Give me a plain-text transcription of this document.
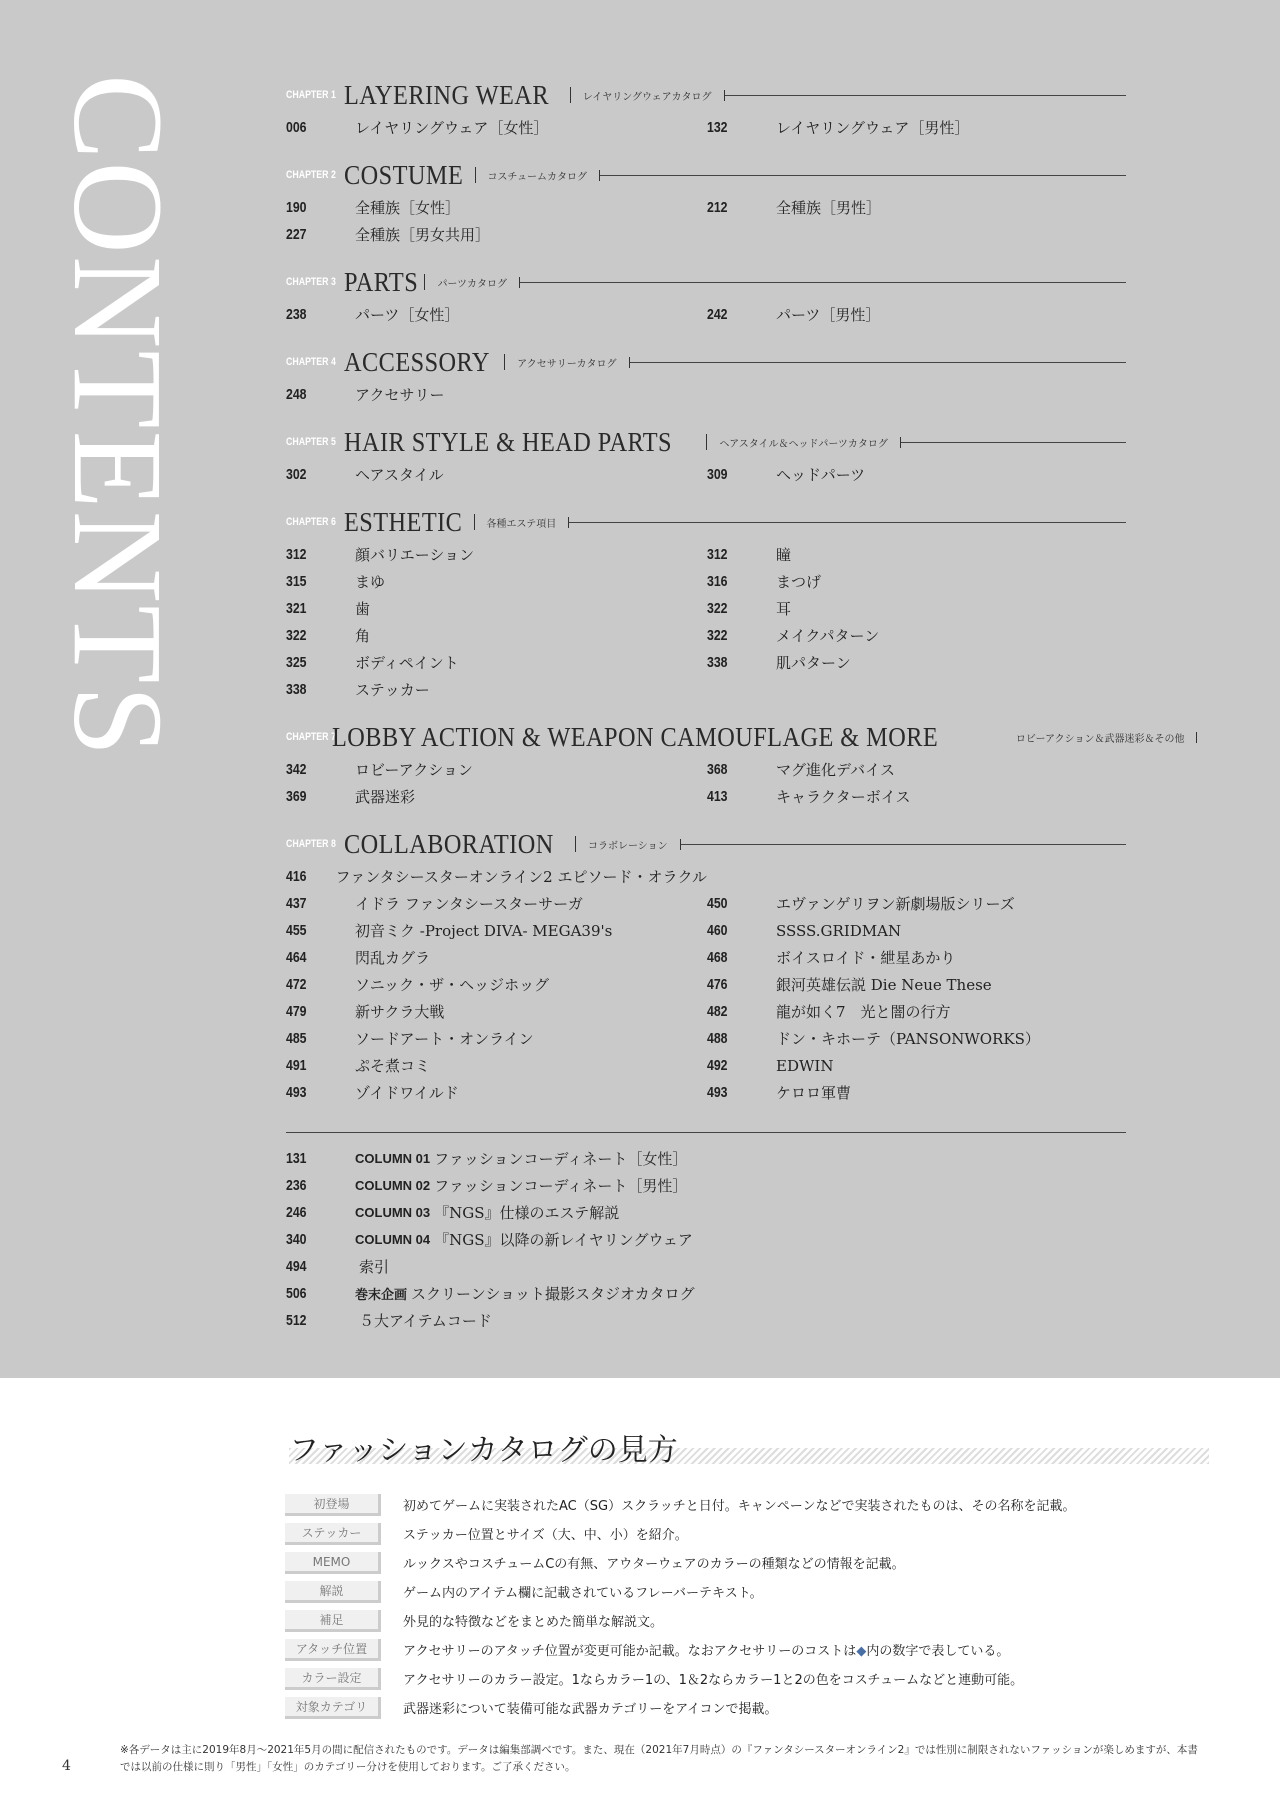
CONTENTS	CHAPTER 1 LAYERING WEAR	レイヤリングウェアカタログ
006	レイヤリングウェア［女性］	132	レイヤリングウェア［男性］
CHAPTER 2 COSTUME コスチュームカタログ
190	全種族［女性］	212	全種族［男性］
227	全種族［男女共用］
CHAPTER 3 PARTS パーツカタログ
238	パーツ［女性］	242	パーツ［男性］
CHAPTER 4 ACCESSORY	アクセサリーカタログ
248	アクセサリー
CHAPTER 5 HAIR STYLE & HEAD PARTS	ヘアスタイル＆ヘッドパーツカタログ
302	ヘアスタイル	309	ヘッドパーツ
CHAPTER 6 ESTHETIC 各種エステ項目
312	顔バリエーション	312	瞳
315	まゆ	316	まつげ
321	歯	322	耳
322	角	322	メイクパターン
325	ボディペイント	338	肌パターン
338	ステッカー
CHAPTER 7
LOBBY ACTION & WEAPON CAMOUFLAGE & MORE	ロビーアクション＆武器迷彩＆その他
342	ロビーアクション	368	マグ進化デバイス
369	武器迷彩	413	キャラクターボイス
CHAPTER 8 COLLABORATION	コラボレーション
416	ファンタシースターオンライン2 エピソード・オラクル
437	イドラ ファンタシースターサーガ	450	エヴァンゲリヲン新劇場版シリーズ
455	初音ミク -Project DIVA- MEGA39's	460	SSSS.GRIDMAN
464	閃乱カグラ	468	ボイスロイド・紲星あかり
472	ソニック・ザ・ヘッジホッグ	476	銀河英雄伝説 Die Neue These
479	新サクラ大戦	482	龍が如く7　光と闇の行方
485	ソードアート・オンライン	488	ドン・キホーテ（PANSONWORKS）
491	ぷそ煮コミ	492	EDWIN
493	ゾイドワイルド	493	ケロロ軍曹
131	COLUMN 01 ファッションコーディネート［女性］
236	COLUMN 02 ファッションコーディネート［男性］
246	COLUMN 03 『NGS』仕様のエステ解説
340	COLUMN 04 『NGS』以降の新レイヤリングウェア
494	索引
506	巻末企画 スクリーンショット撮影スタジオカタログ
512	５大アイテムコード
ファッションカタログの見方
初登場	初めてゲームに実装されたAC（SG）スクラッチと日付。キャンペーンなどで実装されたものは、その名称を記載。
ステッカー	ステッカー位置とサイズ（大、中、小）を紹介。
MEMO	ルックスやコスチュームCの有無、アウターウェアのカラーの種類などの情報を記載。
解説	ゲーム内のアイテム欄に記載されているフレーバーテキスト。
補足	外見的な特徴などをまとめた簡単な解説文。
アタッチ位置	アクセサリーのアタッチ位置が変更可能か記載。なおアクセサリーのコストは◆内の数字で表している。
カラー設定	アクセサリーのカラー設定。1ならカラー1の、1＆2ならカラー1と2の色をコスチュームなどと連動可能。
対象カテゴリ	武器迷彩について装備可能な武器カテゴリーをアイコンで掲載。
※各データは主に2019年8月～2021年5月の間に配信されたものです。データは編集部調べです。また、現在（2021年7月時点）の『ファンタシースターオンライン2』では性別に制限されないファッションが楽しめますが、本書では以前の仕様に則り「男性」「女性」のカテゴリー分けを使用しております。ご了承ください。
4
